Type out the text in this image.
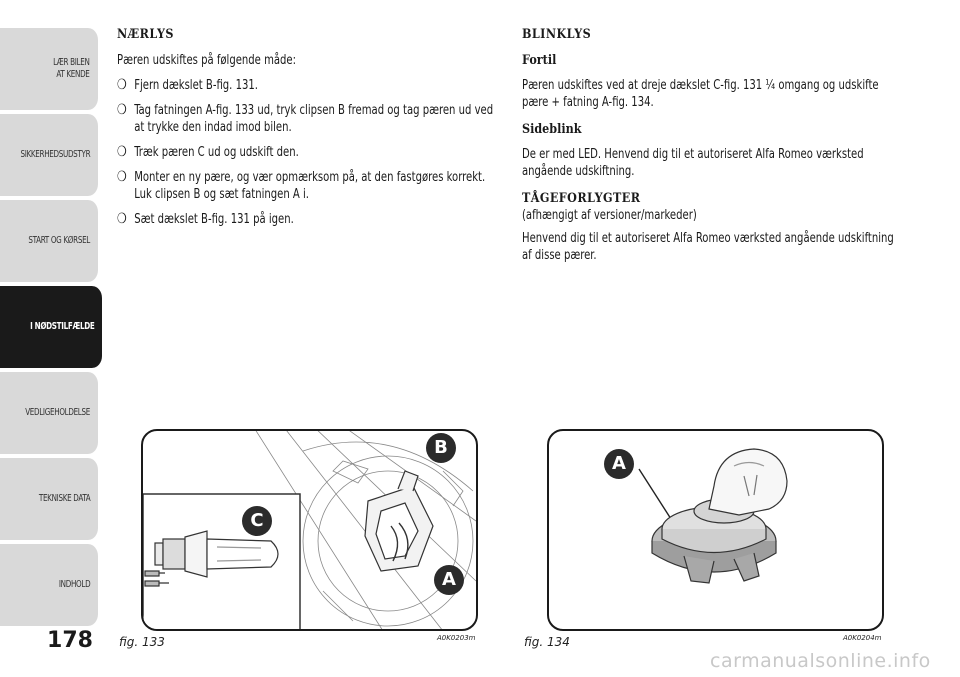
LÆR BILEN
AT KENDE
SIKKERHEDSUDSTYR
START OG KØRSEL
I NØDSTILFÆLDE
VEDLIGEHOLDELSE
TEKNISKE DATA
INDHOLD
178

NÆRLYS

Pæren udskiftes på følgende måde:

❍ Fjern dækslet B-fig. 131.
❍ Tag fatningen A-fig. 133 ud, tryk clipsen B fremad og tag pæren ud ved at trykke den indad imod bilen.
❍ Træk pæren C ud og udskift den.
❍ Monter en ny pære, og vær opmærksom på, at den fastgøres korrekt. Luk clipsen B og sæt fatningen A i.
❍ Sæt dækslet B-fig. 131 på igen.

BLINKLYS

Fortil

Pæren udskiftes ved at dreje dækslet C-fig. 131 ¼ omgang og udskifte pære + fatning A-fig. 134.

Sideblink

De er med LED. Henvend dig til et autoriseret Alfa Romeo værksted angående udskiftning.

TÅGEFORLYGTER

(afhængigt af versioner/markeder)

Henvend dig til et autoriseret Alfa Romeo værksted angående udskiftning af disse pærer.

B
C
A
fig. 133	A0K0203m
A
fig. 134	A0K0204m
carmanualsonline.info
